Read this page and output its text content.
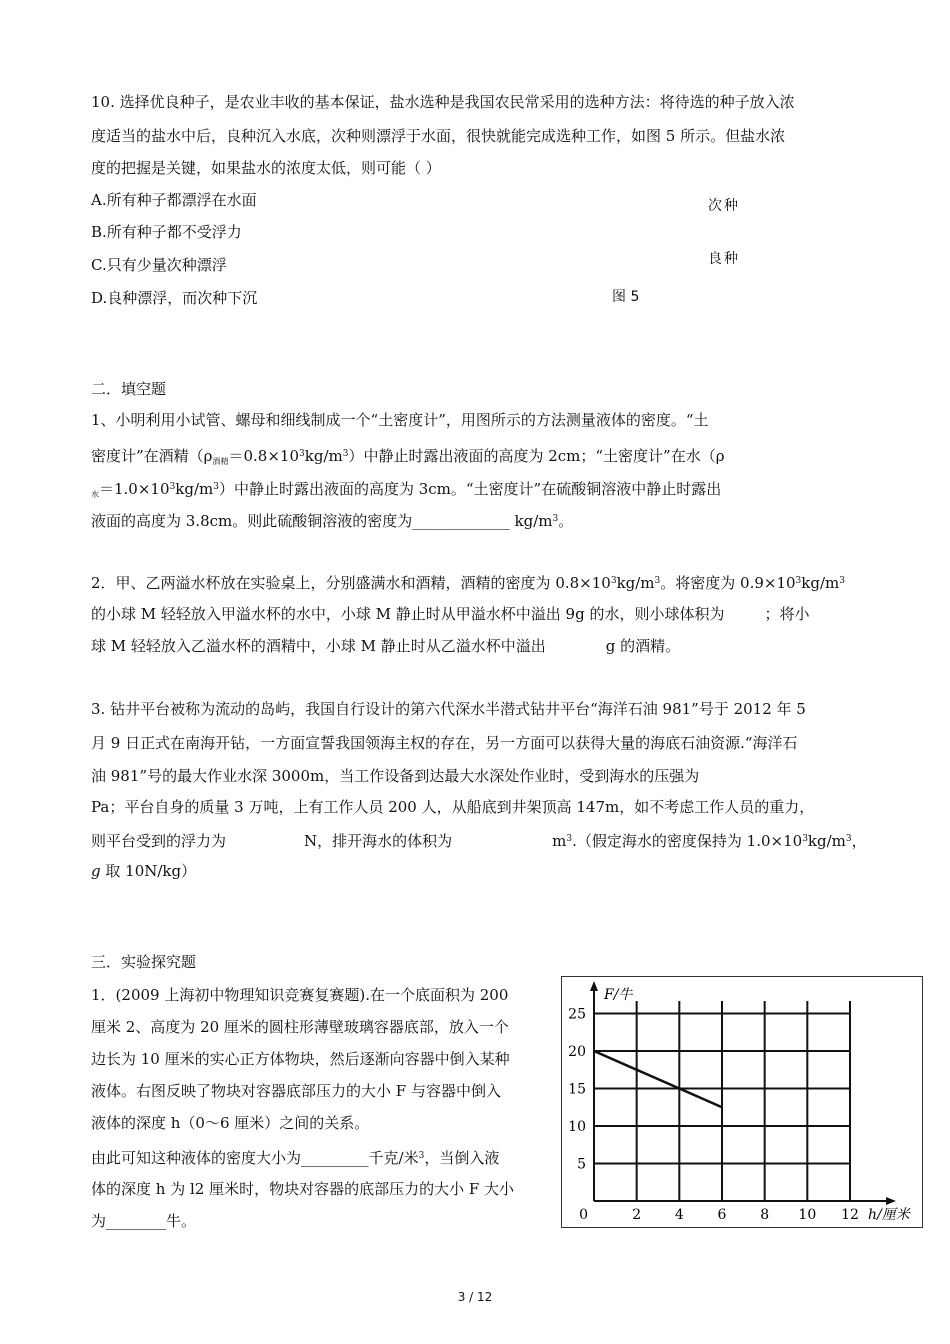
10. 选择优良种子，是农业丰收的基本保证，盐水选种是我国农民常采用的选种方法：将待选的种子放入浓
度适当的盐水中后，良种沉入水底，次种则漂浮于水面，很快就能完成选种工作，如图 5 所示。但盐水浓
度的把握是关键，如果盐水的浓度太低，则可能（ ）
A.所有种子都漂浮在水面
B.所有种子都不受浮力
C.只有少量次种漂浮
D.良种漂浮，而次种下沉
次种
良种
图 5
二．填空题
1、小明利用小试管、螺母和细线制成一个“土密度计”，用图所示的方法测量液体的密度。“土
密度计”在酒精$(\rho_{酒精}=0.8\times 10^3kg/m^3)$中静止时露出液面的高度为 2cm；“土密度计”在水（ρ
$_水=1.0\times 10^3kg/m^3$）中静止时露出液面的高度为 3cm。“土密度计”在硫酸铜溶液中静止时露出
液面的高度为 3.8cm。则此硫酸铜溶液的密度为_____________ $kg/m^3$。
2．甲、乙两溢水杯放在实验桌上，分别盛满水和酒精，酒精的密度为 $0.8\times 10^3kg/m^3$。将密度为 $0.9\times 10^3kg/m^3$
的小球 M 轻轻放入甲溢水杯的水中，小球 M 静止时从甲溢水杯中溢出 9g 的水，则小球体积为	；将小
球 M 轻轻放入乙溢水杯的酒精中，小球 M 静止时从乙溢水杯中溢出	g 的酒精。
3. 钻井平台被称为流动的岛屿，我国自行设计的第六代深水半潜式钻井平台“海洋石油 981”号于 2012 年 5
月 9 日正式在南海开钻，一方面宣誓我国领海主权的存在，另一方面可以获得大量的海底石油资源.“海洋石
油 981”号的最大作业水深 3000m，当工作设备到达最大水深处作业时，受到海水的压强为
Pa；平台自身的质量 3 万吨，上有工作人员 200 人，从船底到井架顶高 147m，如不考虑工作人员的重力，
则平台受到的浮力为	N，排开海水的体积为	$m^3$.（假定海水的密度保持为 $1.0\times 10^3kg/m^3$，
g 取 10N/kg）
三．实验探究题
1．(2009 上海初中物理知识竞赛复赛题).在一个底面积为 200
厘米 2、高度为 20 厘米的圆柱形薄壁玻璃容器底部，放入一个
边长为 10 厘米的实心正方体物块，然后逐渐向容器中倒入某种
液体。右图反映了物块对容器底部压力的大小 F 与容器中倒入
液体的深度 h（0～6 厘米）之间的关系。
由此可知这种液体的密度大小为_________千克/米$^3$，当倒入液
体的深度 h 为 l2 厘米时，物块对容器的底部压力的大小 F 大小
为________牛。	2 4 6 8 10 12
5
10
15
20
25
0
F/牛
h/厘米
3 / 12
